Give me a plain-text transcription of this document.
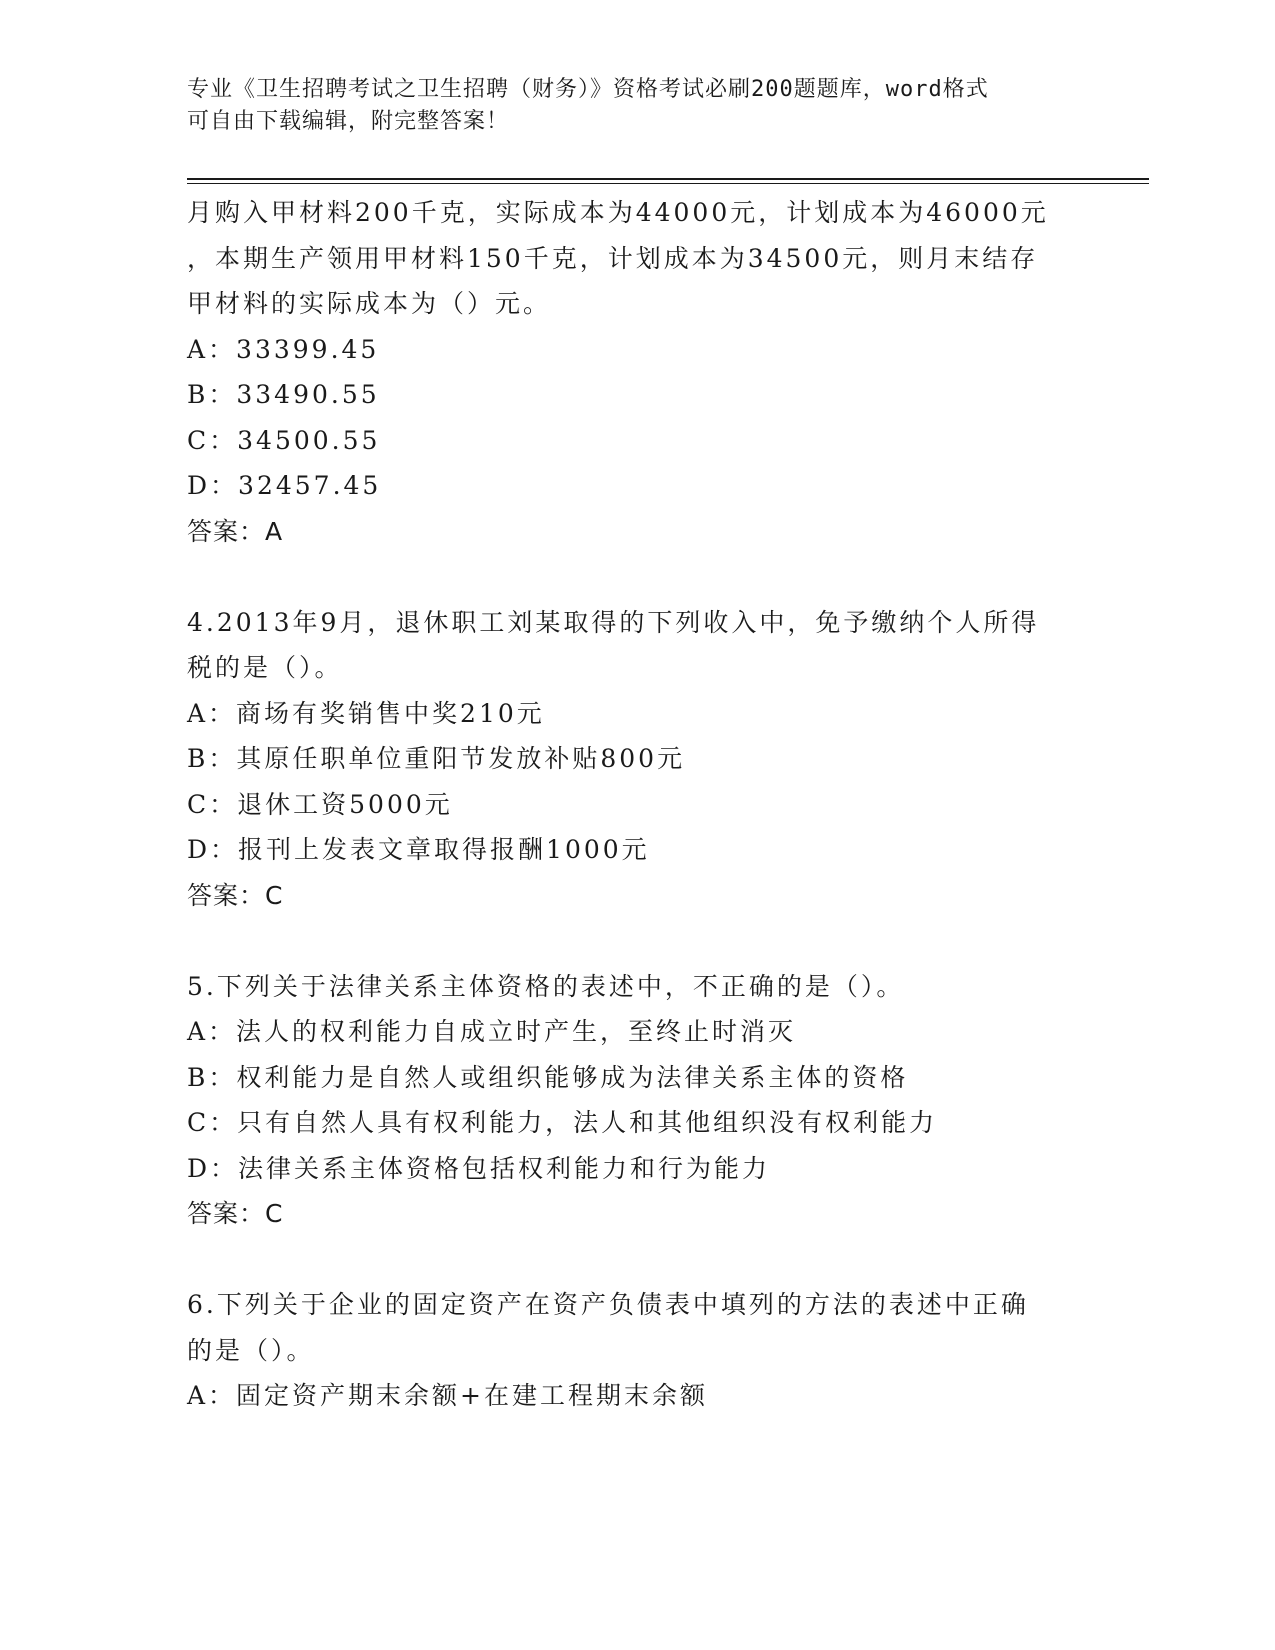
专业《卫生招聘考试之卫生招聘（财务）》资格考试必刷200题题库，word格式
可自由下载编辑，附完整答案！
月购入甲材料200千克，实际成本为44000元，计划成本为46000元
，本期生产领用甲材料150千克，计划成本为34500元，则月末结存
甲材料的实际成本为（）元。
A：33399.45
B：33490.55
C：34500.55
D：32457.45
答案：A
4.2013年9月，退休职工刘某取得的下列收入中，免予缴纳个人所得
税的是（）。
A：商场有奖销售中奖210元
B：其原任职单位重阳节发放补贴800元
C：退休工资5000元
D：报刊上发表文章取得报酬1000元
答案：C
5.下列关于法律关系主体资格的表述中，不正确的是（）。
A：法人的权利能力自成立时产生，至终止时消灭
B：权利能力是自然人或组织能够成为法律关系主体的资格
C：只有自然人具有权利能力，法人和其他组织没有权利能力
D：法律关系主体资格包括权利能力和行为能力
答案：C
6.下列关于企业的固定资产在资产负债表中填列的方法的表述中正确
的是（）。
A：固定资产期末余额+在建工程期末余额
